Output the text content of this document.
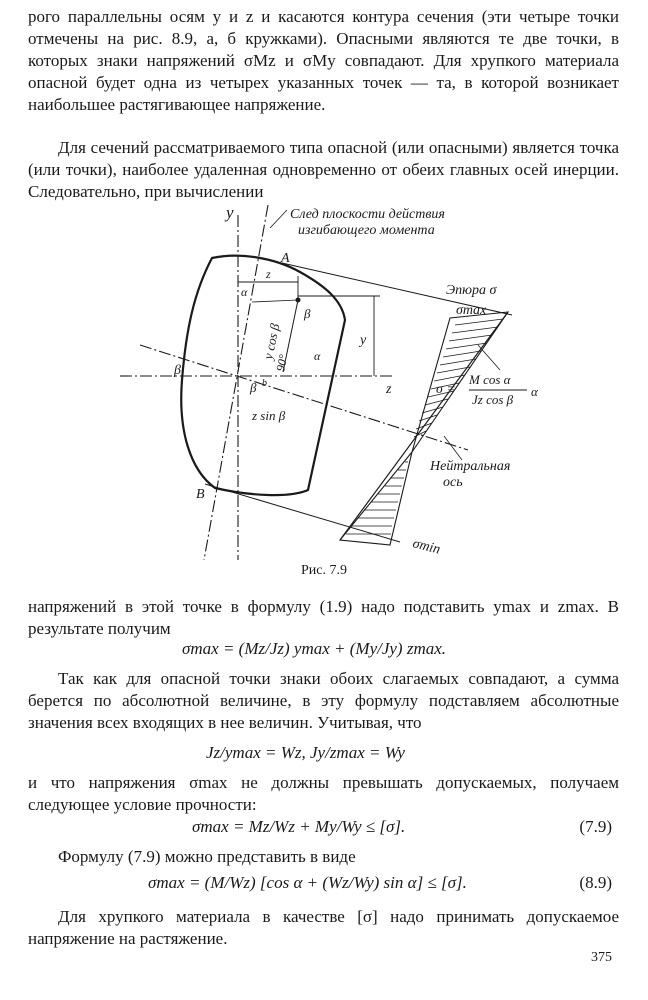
рого параллельны осям y и z и касаются контура сечения (эти четыре точки отмечены на рис. 8.9, а, б кружками). Опасными являются те две точки, в которых знаки напряжений σMz и σMy совпадают. Для хрупкого материала опасной будет одна из четырех указанных точек — та, в которой возникает наибольшее растягивающее напряжение.

Для сечений рассматриваемого типа опасной (или опасными) является точка (или точки), наиболее удаленная одновременно от обеих главных осей инерции. Следовательно, при вычислении

y
z
След плоскости действия
изгибающего момента
Эпюра σ
σmax
σmin
σ =
M cos α
Jz cos β
α
Нейтральная
ось
A
B
α
z
y cos β
z sin β
β
β
β
90° α
y
b
Рис. 7.9

напряжений в этой точке в формулу (1.9) надо подставить ymax и zmax. В результате получим

σmax = (Mz/Jz) ymax + (My/Jy) zmax.

Так как для опасной точки знаки обоих слагаемых совпадают, а сумма берется по абсолютной величине, в эту формулу подставляем абсолютные значения всех входящих в нее величин. Учитывая, что

Jz/ymax = Wz, Jy/zmax = Wy

и что напряжения σmax не должны превышать допускаемых, получаем следующее условие прочности:

σmax = Mz/Wz + My/Wy ≤ [σ].	(7.9)

Формулу (7.9) можно представить в виде

σmax = (M/Wz) [cos α + (Wz/Wy) sin α] ≤ [σ].	(8.9)

Для хрупкого материала в качестве [σ] надо принимать допускаемое напряжение на растяжение.

375
